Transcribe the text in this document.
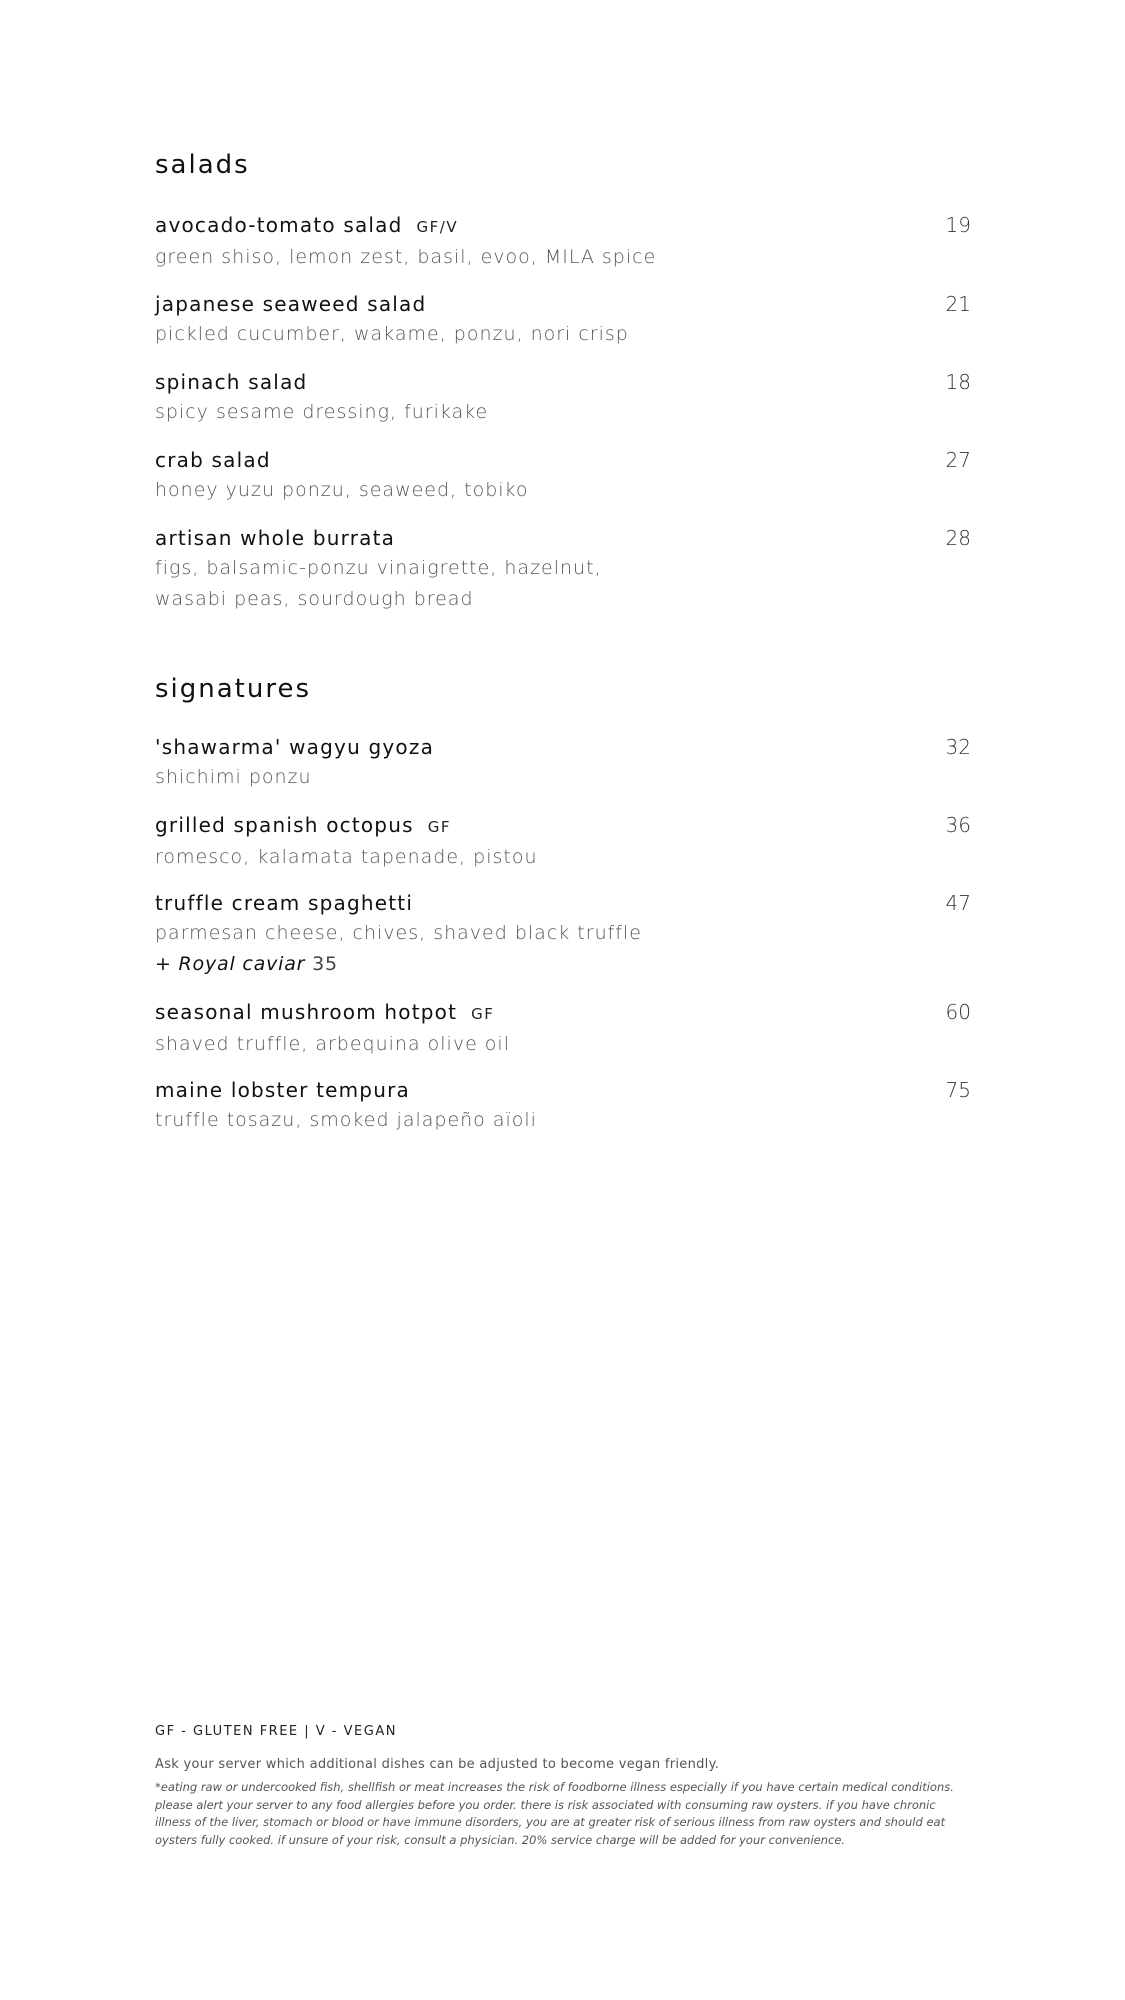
salads
avocado-tomato salad GF/V	19
green shiso, lemon zest, basil, evoo, MILA spice
japanese seaweed salad	21
pickled cucumber, wakame, ponzu, nori crisp
spinach salad	18
spicy sesame dressing, furikake
crab salad	27
honey yuzu ponzu, seaweed, tobiko
artisan whole burrata	28
figs, balsamic-ponzu vinaigrette, hazelnut,
wasabi peas, sourdough bread
signatures
'shawarma' wagyu gyoza	32
shichimi ponzu
grilled spanish octopus GF	36
romesco, kalamata tapenade, pistou
truffle cream spaghetti	47
parmesan cheese, chives, shaved black truffle
+ Royal caviar 35
seasonal mushroom hotpot GF	60
shaved truffle, arbequina olive oil
maine lobster tempura	75
truffle tosazu, smoked jalapeño aïoli
GF - GLUTEN FREE | V - VEGAN
Ask your server which additional dishes can be adjusted to become vegan friendly.
*eating raw or undercooked fish, shellfish or meat increases the risk of foodborne illness especially if you have certain medical conditions. please alert your server to any food allergies before you order. there is risk associated with consuming raw oysters. if you have chronic illness of the liver, stomach or blood or have immune disorders, you are at greater risk of serious illness from raw oysters and should eat oysters fully cooked. if unsure of your risk, consult a physician. 20% service charge will be added for your convenience.
